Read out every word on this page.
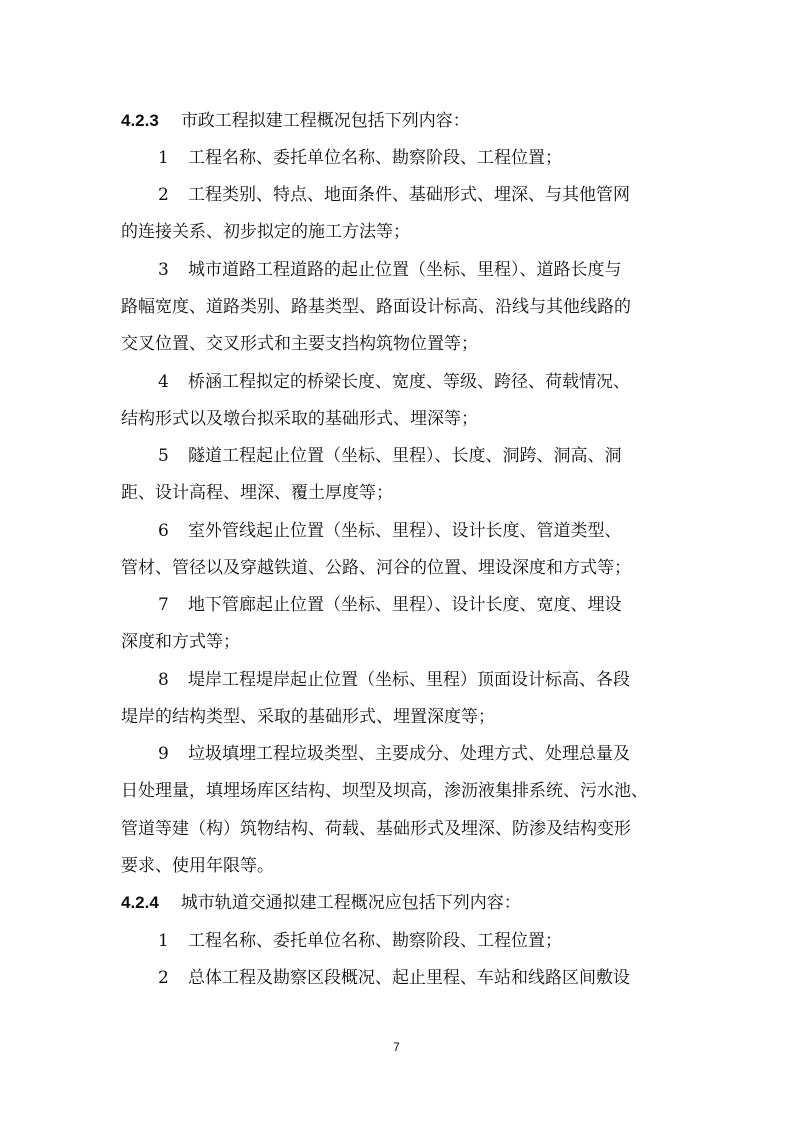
4.2.3 市政工程拟建工程概况包括下列内容：
1 工程名称、委托单位名称、勘察阶段、工程位置；
2 工程类别、特点、地面条件、基础形式、埋深、与其他管网
的连接关系、初步拟定的施工方法等；
3 城市道路工程道路的起止位置（坐标、里程）、道路长度与
路幅宽度、道路类别、路基类型、路面设计标高、沿线与其他线路的
交叉位置、交叉形式和主要支挡构筑物位置等；
4 桥涵工程拟定的桥梁长度、宽度、等级、跨径、荷载情况、
结构形式以及墩台拟采取的基础形式、埋深等；
5 隧道工程起止位置（坐标、里程）、长度、洞跨、洞高、洞
距、设计高程、埋深、覆土厚度等；
6 室外管线起止位置（坐标、里程）、设计长度、管道类型、
管材、管径以及穿越铁道、公路、河谷的位置、埋设深度和方式等；
7 地下管廊起止位置（坐标、里程）、设计长度、宽度、埋设
深度和方式等；
8 堤岸工程堤岸起止位置（坐标、里程）顶面设计标高、各段
堤岸的结构类型、采取的基础形式、埋置深度等；
9 垃圾填埋工程垃圾类型、主要成分、处理方式、处理总量及
日处理量，填埋场库区结构、坝型及坝高，渗沥液集排系统、污水池、
管道等建（构）筑物结构、荷载、基础形式及埋深、防渗及结构变形
要求、使用年限等。
4.2.4 城市轨道交通拟建工程概况应包括下列内容：
1 工程名称、委托单位名称、勘察阶段、工程位置；
2 总体工程及勘察区段概况、起止里程、车站和线路区间敷设
7
